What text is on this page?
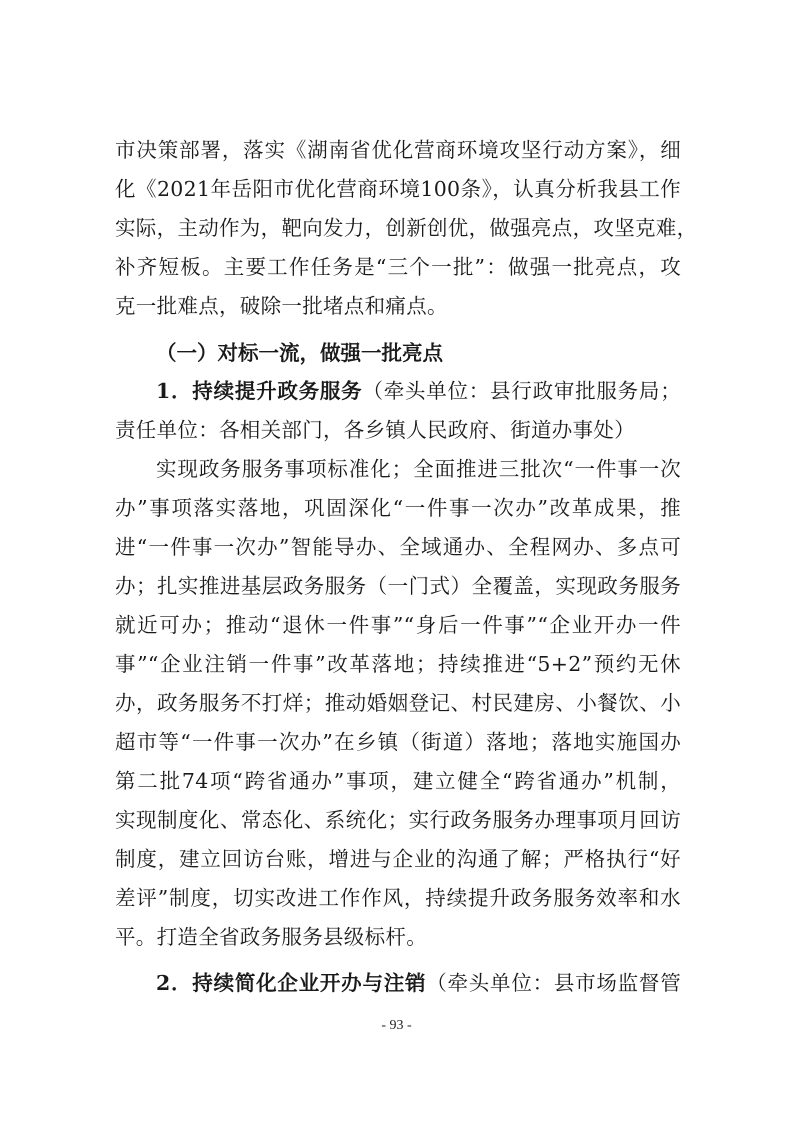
市决策部署，落实《湖南省优化营商环境攻坚行动方案》，细
化《2021年岳阳市优化营商环境100条》，认真分析我县工作
实际，主动作为，靶向发力，创新创优，做强亮点，攻坚克难，
补齐短板。主要工作任务是“三个一批”：做强一批亮点，攻
克一批难点，破除一批堵点和痛点。
（一）对标一流，做强一批亮点
1．持续提升政务服务（牵头单位：县行政审批服务局；
责任单位：各相关部门，各乡镇人民政府、街道办事处）
实现政务服务事项标准化；全面推进三批次“一件事一次
办”事项落实落地，巩固深化“一件事一次办”改革成果，推
进“一件事一次办”智能导办、全域通办、全程网办、多点可
办；扎实推进基层政务服务（一门式）全覆盖，实现政务服务
就近可办；推动“退休一件事”“身后一件事”“企业开办一件
事”“企业注销一件事”改革落地；持续推进“5+2”预约无休
办，政务服务不打烊；推动婚姻登记、村民建房、小餐饮、小
超市等“一件事一次办”在乡镇（街道）落地；落地实施国办
第二批74项“跨省通办”事项，建立健全“跨省通办”机制，
实现制度化、常态化、系统化；实行政务服务办理事项月回访
制度，建立回访台账，增进与企业的沟通了解；严格执行“好
差评”制度，切实改进工作作风，持续提升政务服务效率和水
平。打造全省政务服务县级标杆。
2．持续简化企业开办与注销（牵头单位：县市场监督管
- 93 -
